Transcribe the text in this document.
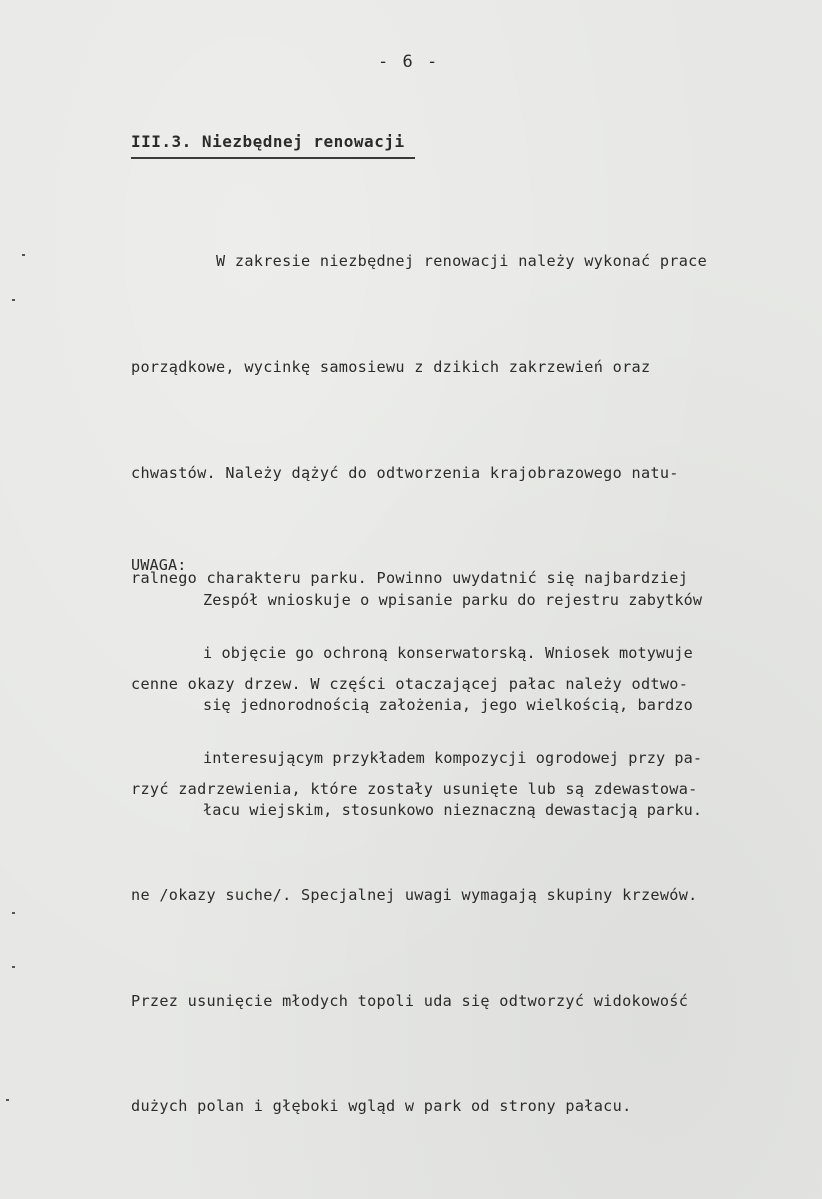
- 6 -
III.3. Niezbędnej renowacji

W zakresie niezbędnej renowacji należy wykonać prace

porządkowe, wycinkę samosiewu z dzikich zakrzewień oraz

chwastów. Należy dążyć do odtworzenia krajobrazowego natu-

ralnego charakteru parku. Powinno uwydatnić się najbardziej

cenne okazy drzew. W części otaczającej pałac należy odtwo-

rzyć zadrzewienia, które zostały usunięte lub są zdewastowa-

ne /okazy suche/. Specjalnej uwagi wymagają skupiny krzewów.

Przez usunięcie młodych topoli uda się odtworzyć widokowość

dużych polan i głęboki wgląd w park od strony pałacu.

UWAGA:

Zespół wnioskuje o wpisanie parku do rejestru zabytków

i objęcie go ochroną konserwatorską. Wniosek motywuje

się jednorodnością założenia, jego wielkością, bardzo

interesującym przykładem kompozycji ogrodowej przy pa-

łacu wiejskim, stosunkowo nieznaczną dewastacją parku.
